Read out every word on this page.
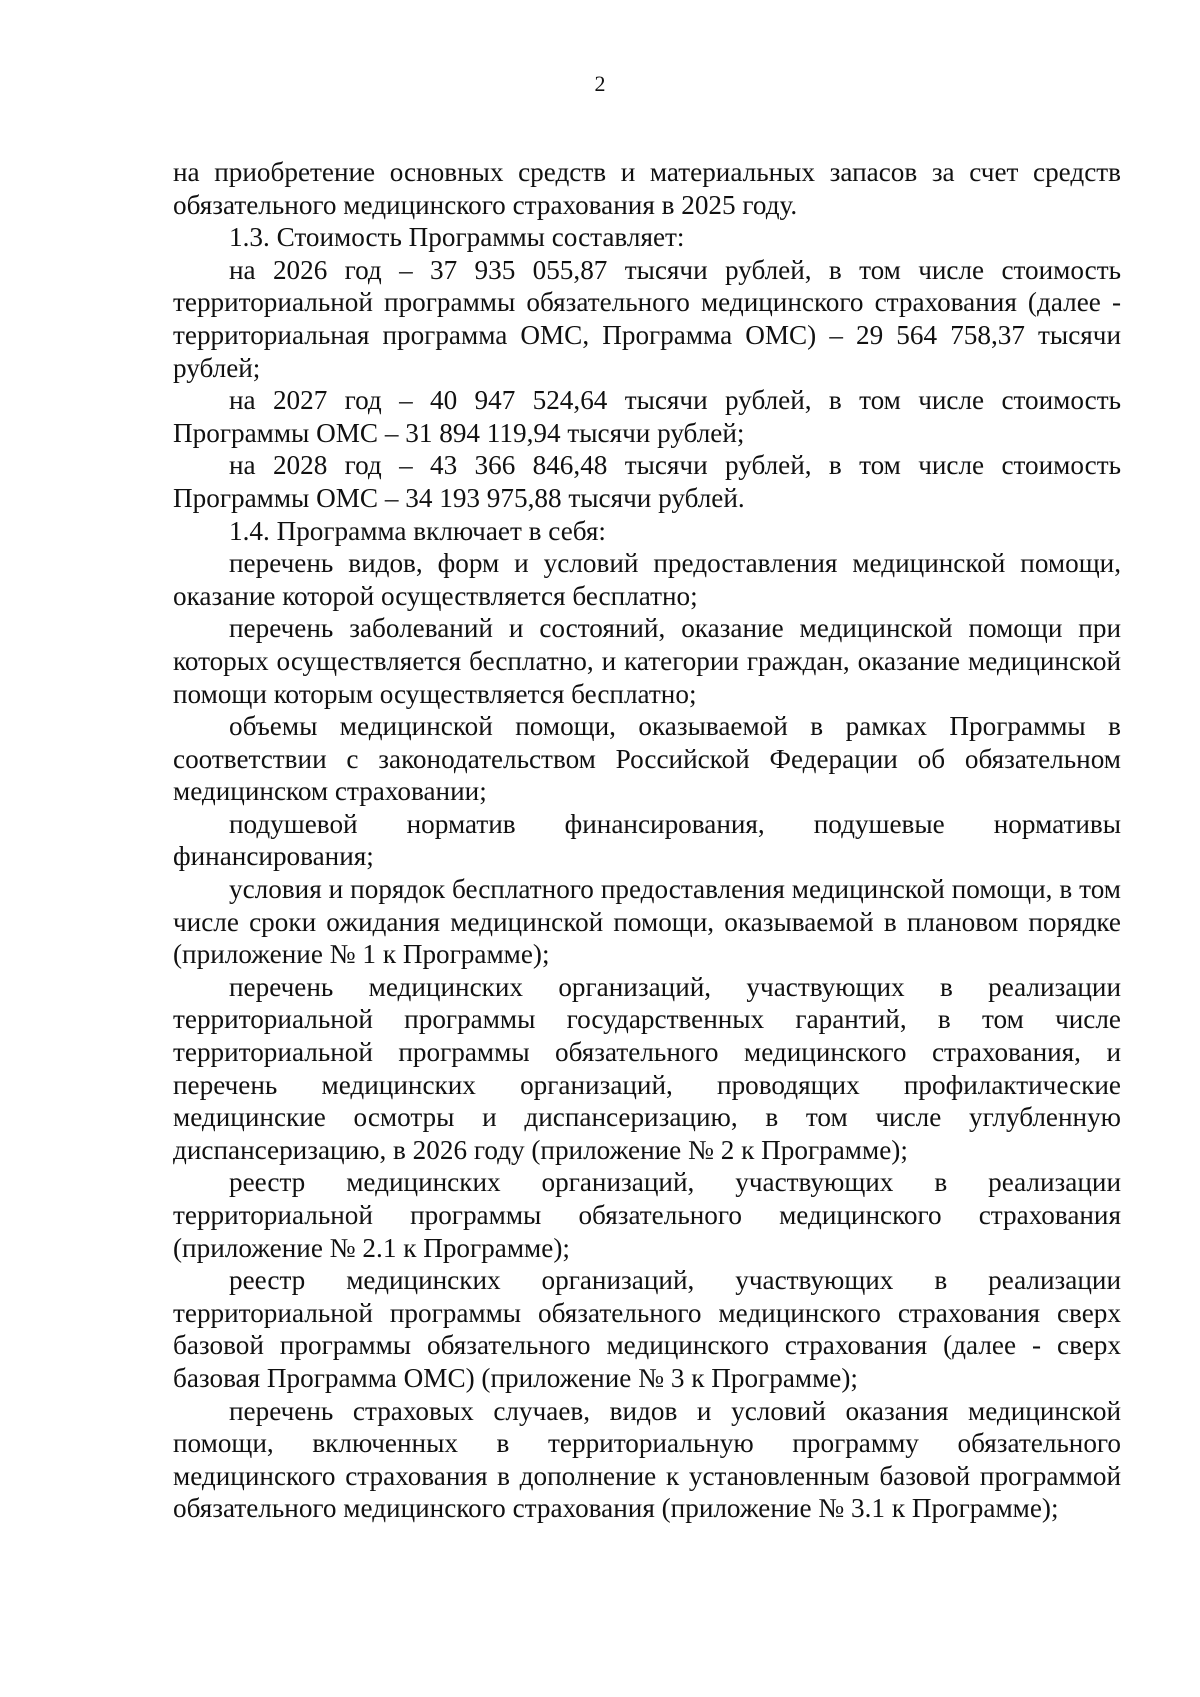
2

на приобретение основных средств и материальных запасов за счет средств обязательного медицинского страхования в 2025 году.

1.3. Стоимость Программы составляет:

на 2026 год – 37 935 055,87 тысячи рублей, в том числе стоимость территориальной программы обязательного медицинского страхования (далее - территориальная программа ОМС, Программа ОМС) – 29 564 758,37 тысячи рублей;

на 2027 год – 40 947 524,64 тысячи рублей, в том числе стоимость Программы ОМС – 31 894 119,94 тысячи рублей;

на 2028 год – 43 366 846,48 тысячи рублей, в том числе стоимость Программы ОМС – 34 193 975,88 тысячи рублей.

1.4. Программа включает в себя:

перечень видов, форм и условий предоставления медицинской помощи, оказание которой осуществляется бесплатно;

перечень заболеваний и состояний, оказание медицинской помощи при которых осуществляется бесплатно, и категории граждан, оказание медицинской помощи которым осуществляется бесплатно;

объемы медицинской помощи, оказываемой в рамках Программы в соответствии с законодательством Российской Федерации об обязательном медицинском страховании;

подушевой норматив финансирования, подушевые нормативы финансирования;

условия и порядок бесплатного предоставления медицинской помощи, в том числе сроки ожидания медицинской помощи, оказываемой в плановом порядке (приложение № 1 к Программе);

перечень медицинских организаций, участвующих в реализации территориальной программы государственных гарантий, в том числе территориальной программы обязательного медицинского страхования, и перечень медицинских организаций, проводящих профилактические медицинские осмотры и диспансеризацию, в том числе углубленную диспансеризацию, в 2026 году (приложение № 2 к Программе);

реестр медицинских организаций, участвующих в реализации территориальной программы обязательного медицинского страхования (приложение № 2.1 к Программе);

реестр медицинских организаций, участвующих в реализации территориальной программы обязательного медицинского страхования сверх базовой программы обязательного медицинского страхования (далее - сверх базовая Программа ОМС) (приложение № 3 к Программе);

перечень страховых случаев, видов и условий оказания медицинской помощи, включенных в территориальную программу обязательного медицинского страхования в дополнение к установленным базовой программой обязательного медицинского страхования (приложение № 3.1 к Программе);
